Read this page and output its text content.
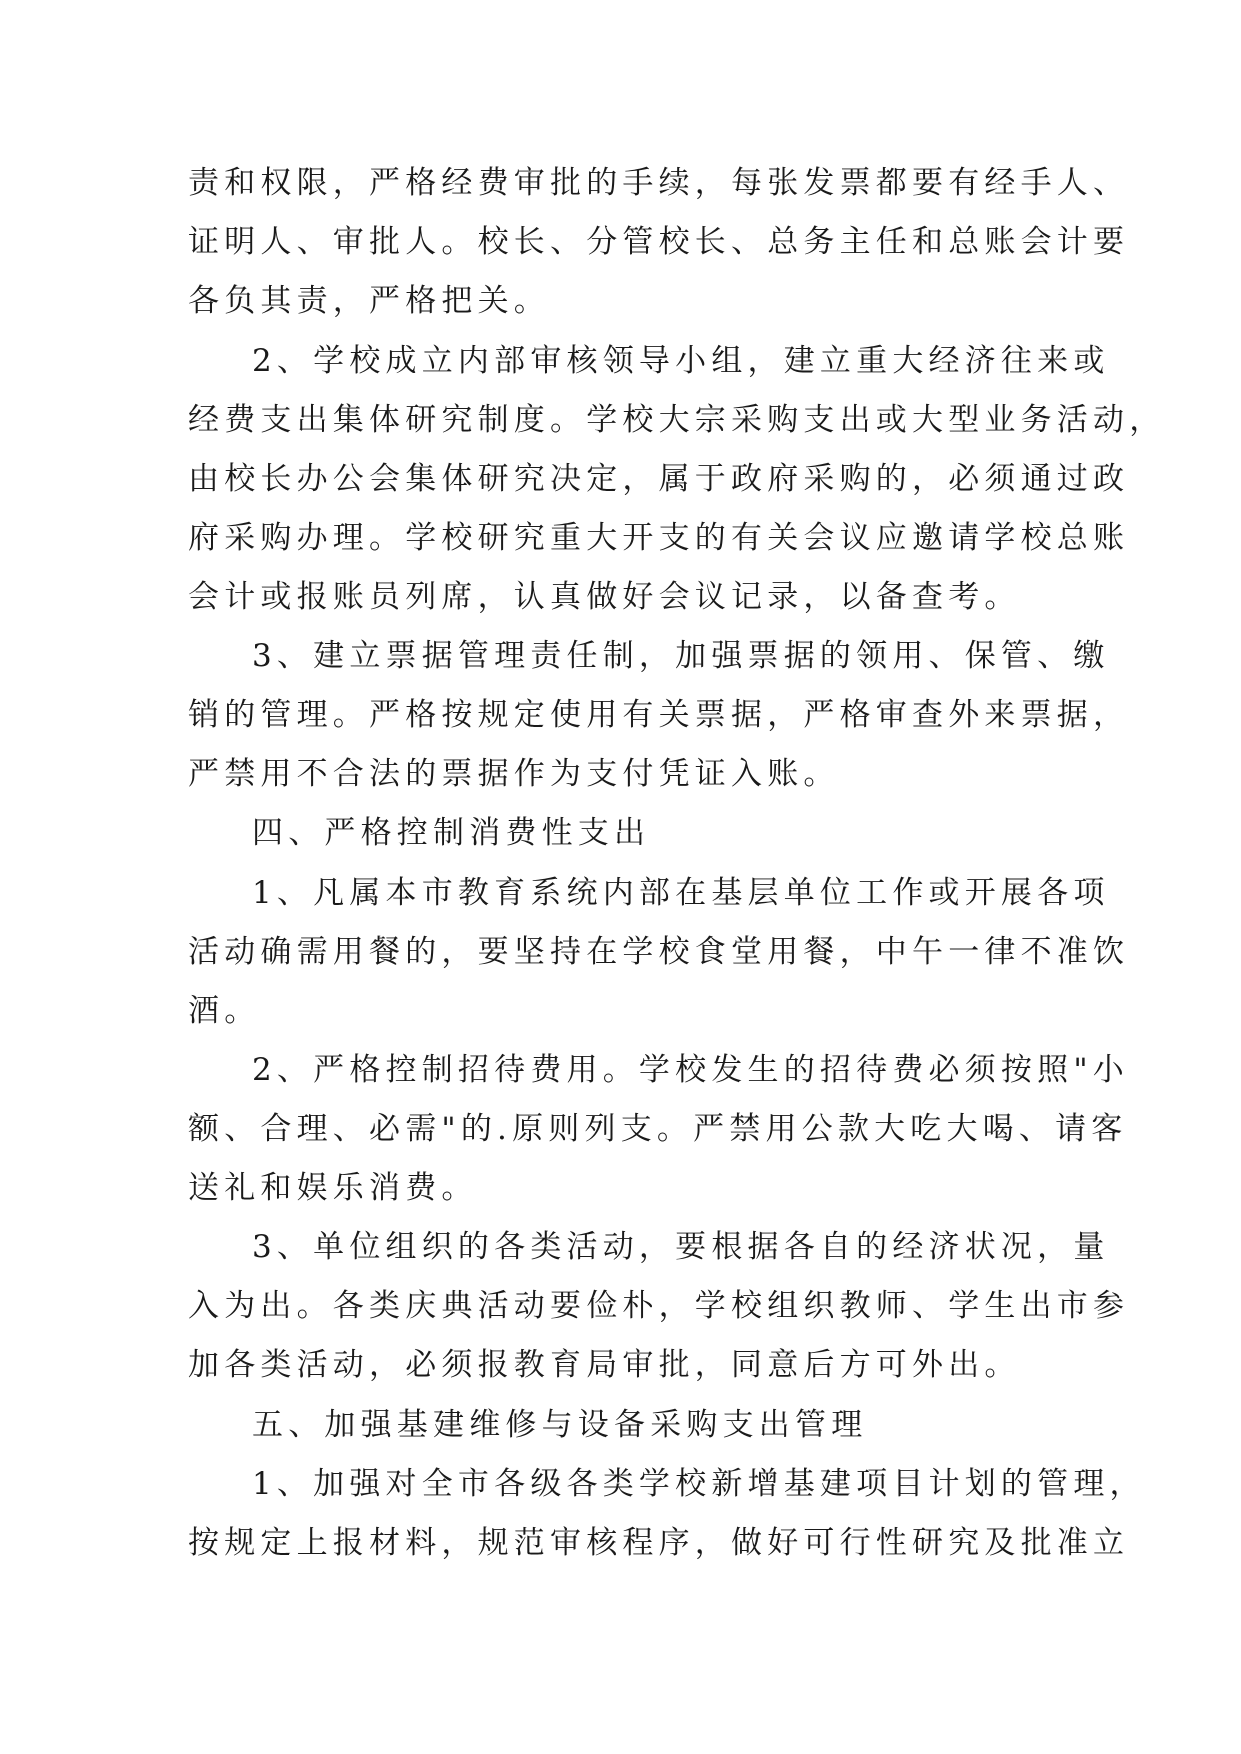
责和权限，严格经费审批的手续，每张发票都要有经手人、
证明人、审批人。校长、分管校长、总务主任和总账会计要
各负其责，严格把关。
2、学校成立内部审核领导小组，建立重大经济往来或
经费支出集体研究制度。学校大宗采购支出或大型业务活动，
由校长办公会集体研究决定，属于政府采购的，必须通过政
府采购办理。学校研究重大开支的有关会议应邀请学校总账
会计或报账员列席，认真做好会议记录，以备查考。
3、建立票据管理责任制，加强票据的领用、保管、缴
销的管理。严格按规定使用有关票据，严格审查外来票据，
严禁用不合法的票据作为支付凭证入账。
四、严格控制消费性支出
1、凡属本市教育系统内部在基层单位工作或开展各项
活动确需用餐的，要坚持在学校食堂用餐，中午一律不准饮
酒。
2、严格控制招待费用。学校发生的招待费必须按照"小
额、合理、必需"的.原则列支。严禁用公款大吃大喝、请客
送礼和娱乐消费。
3、单位组织的各类活动，要根据各自的经济状况，量
入为出。各类庆典活动要俭朴，学校组织教师、学生出市参
加各类活动，必须报教育局审批，同意后方可外出。
五、加强基建维修与设备采购支出管理
1、加强对全市各级各类学校新增基建项目计划的管理，
按规定上报材料，规范审核程序，做好可行性研究及批准立
